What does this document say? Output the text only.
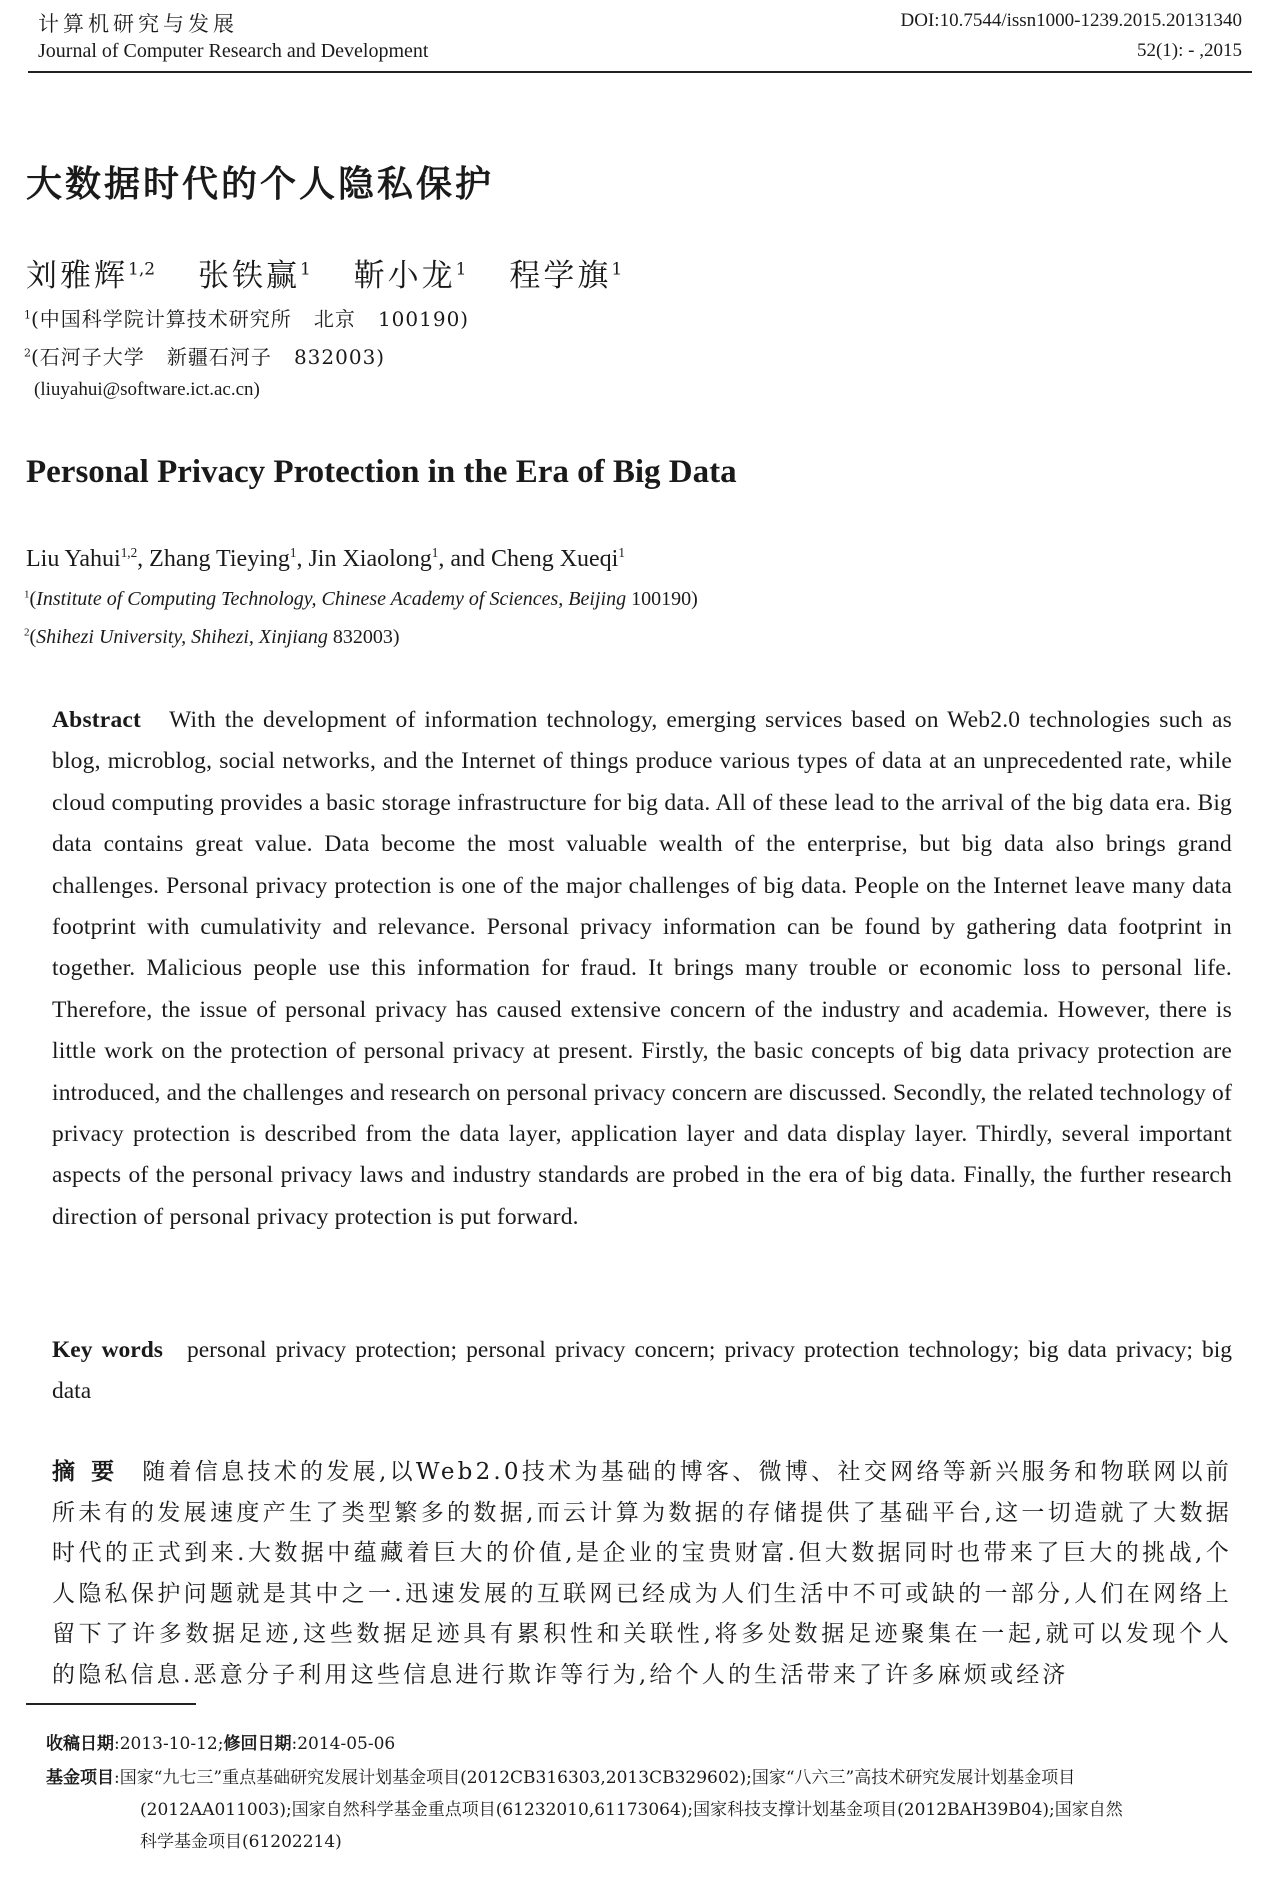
计算机研究与发展
Journal of Computer Research and Development
DOI:10.7544/issn1000-1239.2015.20131340
52(1): - ,2015
大数据时代的个人隐私保护
刘雅辉$^{1,2}$ 张铁赢$^1$ 靳小龙$^1$ 程学旗$^1$
$^1$(中国科学院计算技术研究所   北京   100190)
$^2$(石河子大学   新疆石河子   832003)
(liuyahui@software.ict.ac.cn)
Personal Privacy Protection in the Era of Big Data
Liu Yahui$^{1,2}$, Zhang Tieying$^1$, Jin Xiaolong$^1$, and Cheng Xueqi$^1$
$^1$(Institute of Computing Technology, Chinese Academy of Sciences, Beijing 100190)
$^2$(Shihezi University, Shihezi, Xinjiang 832003)
Abstract With the development of information technology, emerging services based on Web2.0 technologies such as blog, microblog, social networks, and the Internet of things produce various types of data at an unprecedented rate, while cloud computing provides a basic storage infrastructure for big data. All of these lead to the arrival of the big data era. Big data contains great value. Data become the most valuable wealth of the enterprise, but big data also brings grand challenges. Personal privacy protection is one of the major challenges of big data. People on the Internet leave many data footprint with cumulativity and relevance. Personal privacy information can be found by gathering data footprint in together. Malicious people use this information for fraud. It brings many trouble or economic loss to personal life. Therefore, the issue of personal privacy has caused extensive concern of the industry and academia. However, there is little work on the protection of personal privacy at present. Firstly, the basic concepts of big data privacy protection are introduced, and the challenges and research on personal privacy concern are discussed. Secondly, the related technology of privacy protection is described from the data layer, application layer and data display layer. Thirdly, several important aspects of the personal privacy laws and industry standards are probed in the era of big data. Finally, the further research direction of personal privacy protection is put forward.
Key words personal privacy protection; personal privacy concern; privacy protection technology; big data privacy; big data
摘要 随着信息技术的发展,以Web2.0技术为基础的博客、微博、社交网络等新兴服务和物联网以前所未有的发展速度产生了类型繁多的数据,而云计算为数据的存储提供了基础平台,这一切造就了大数据时代的正式到来.大数据中蕴藏着巨大的价值,是企业的宝贵财富.但大数据同时也带来了巨大的挑战,个人隐私保护问题就是其中之一.迅速发展的互联网已经成为人们生活中不可或缺的一部分,人们在网络上留下了许多数据足迹,这些数据足迹具有累积性和关联性,将多处数据足迹聚集在一起,就可以发现个人的隐私信息.恶意分子利用这些信息进行欺诈等行为,给个人的生活带来了许多麻烦或经济
收稿日期:2013-10-12;修回日期:2014-05-06
基金项目:国家“九七三”重点基础研究发展计划基金项目(2012CB316303,2013CB329602);国家“八六三”高技术研究发展计划基金项目
(2012AA011003);国家自然科学基金重点项目(61232010,61173064);国家科技支撑计划基金项目(2012BAH39B04);国家自然
科学基金项目(61202214)
